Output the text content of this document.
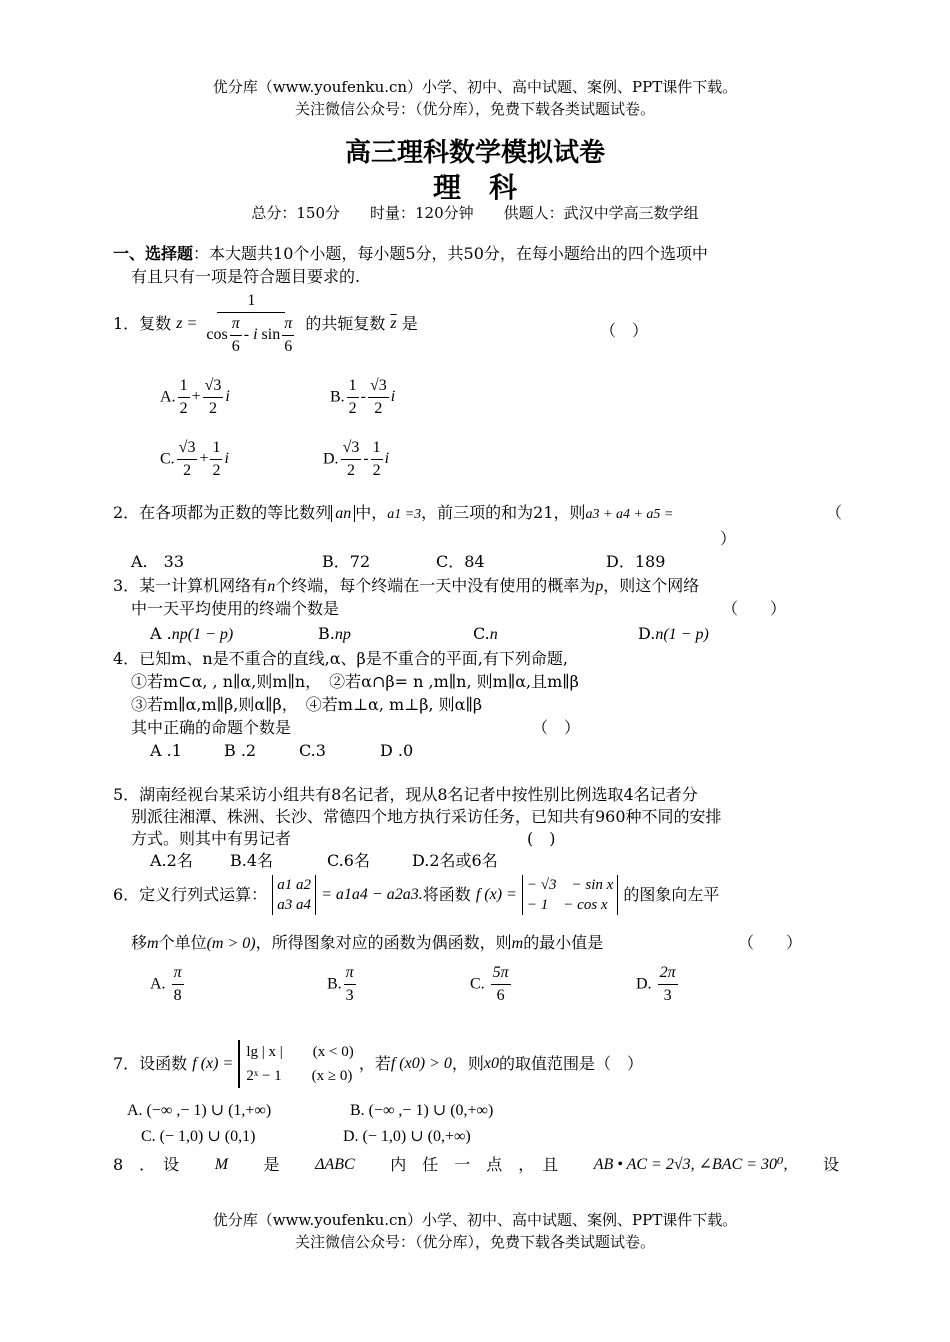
优分库（www.youfenku.cn）小学、初中、高中试题、案例、PPT课件下载。
关注微信公众号：（优分库），免费下载各类试题试卷。
高三理科数学模拟试卷
理　科
总分：150分　　时量：120分钟　　供题人：武汉中学高三数学组
一、选择题：本大题共10个小题，每小题5分，共50分，在每小题给出的四个选项中
有且只有一项是符合题目要求的.
1．复数 $z = \frac{1}{\cos \frac{\pi}{6} - i \sin \frac{\pi}{6}}$ 的共轭复数 $\overline{z}$ 是	（　）
A. $\frac{1}{2} + \frac{√3}{2}$ i	B. $\frac{1}{2} - \frac{√3}{2}$ i
C. $\frac{√3}{2} + \frac{1}{2}$ i	D. $\frac{√3}{2} - \frac{1}{2}$ i
2．在各项都为正数的等比数列 an 中，a1 =3，前三项的和为21，则a3 + a4 + a5 =	（
）
A.　33	B．72	C．84	D．189
3．某一计算机网络有n个终端，每个终端在一天中没有使用的概率为p，则这个网络
中一天平均使用的终端个数是	（　　）
A .np(1 − p)	B.np	C.n	D.n(1 − p)
4．已知m、n是不重合的直线,α、β是不重合的平面,有下列命题,
①若m⊂α, , n∥α,则m∥n，　②若α∩β= n ,m∥n, 则m∥α,且m∥β
③若m∥α,m∥β,则α∥β，　④若m⊥α, m⊥β, 则α∥β
其中正确的命题个数是	（　）
A .1	B .2	C.3	D .0
5．湖南经视台某采访小组共有8名记者，现从8名记者中按性别比例选取4名记者分
别派往湘潭、株洲、长沙、常德四个地方执行采访任务，已知共有960种不同的安排
方式。则其中有男记者	(　)
A.2名 B.4名	C.6名	D.2名或6名
6．定义行列式运算： a1 a2
a3 a4 = a1a4 − a2a3.将函数 f (x) = − √3　− sin x
− 1　− cos x 的图象向左平
移m个单位(m > 0)，所得图象对应的函数为偶函数，则m的最小值是	（　　）
A. $\frac{\pi}{8}$	B. $\frac{\pi}{3}$	C. $\frac{5\pi}{6}$	D. $\frac{2\pi}{3}$
7．设函数 f (x) = lg | x |　　(x < 0)
2ˣ − 1　　(x ≥ 0) ，若f (x0) > 0，则x0的取值范围是（　）
A. (−∞ ,− 1) ∪ (1,+∞)	B. (−∞ ,− 1) ∪ (0,+∞)
C. (− 1,0) ∪ (0,1)	D. (− 1,0) ∪ (0,+∞)
8　．　设 M 是 ΔABC 内　任　一　点　，　且 AB • AC = 2√3, ∠BAC = 30⁰, 设
优分库（www.youfenku.cn）小学、初中、高中试题、案例、PPT课件下载。
关注微信公众号：（优分库），免费下载各类试题试卷。
